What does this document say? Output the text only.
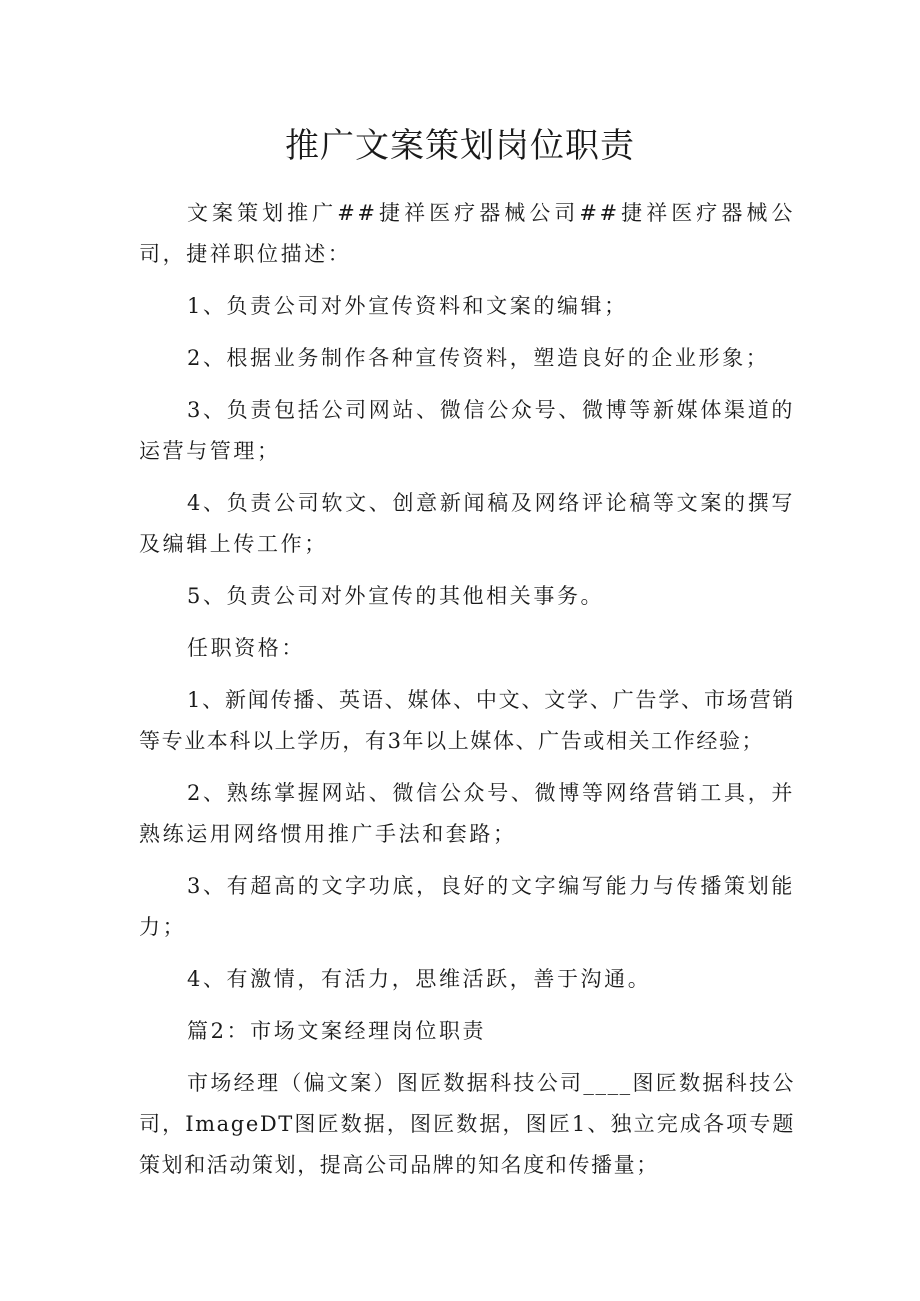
推广文案策划岗位职责

文案策划推广##捷祥医疗器械公司##捷祥医疗器械公司，捷祥职位描述：

1、负责公司对外宣传资料和文案的编辑；

2、根据业务制作各种宣传资料，塑造良好的企业形象；

3、负责包括公司网站、微信公众号、微博等新媒体渠道的运营与管理；

4、负责公司软文、创意新闻稿及网络评论稿等文案的撰写及编辑上传工作；

5、负责公司对外宣传的其他相关事务。

任职资格：

1、新闻传播、英语、媒体、中文、文学、广告学、市场营销等专业本科以上学历，有3年以上媒体、广告或相关工作经验；

2、熟练掌握网站、微信公众号、微博等网络营销工具，并熟练运用网络惯用推广手法和套路；

3、有超高的文字功底，良好的文字编写能力与传播策划能力；

4、有激情，有活力，思维活跃，善于沟通。

篇2：市场文案经理岗位职责

市场经理（偏文案）图匠数据科技公司____图匠数据科技公司，ImageDT图匠数据，图匠数据，图匠1、独立完成各项专题策划和活动策划，提高公司品牌的知名度和传播量；
